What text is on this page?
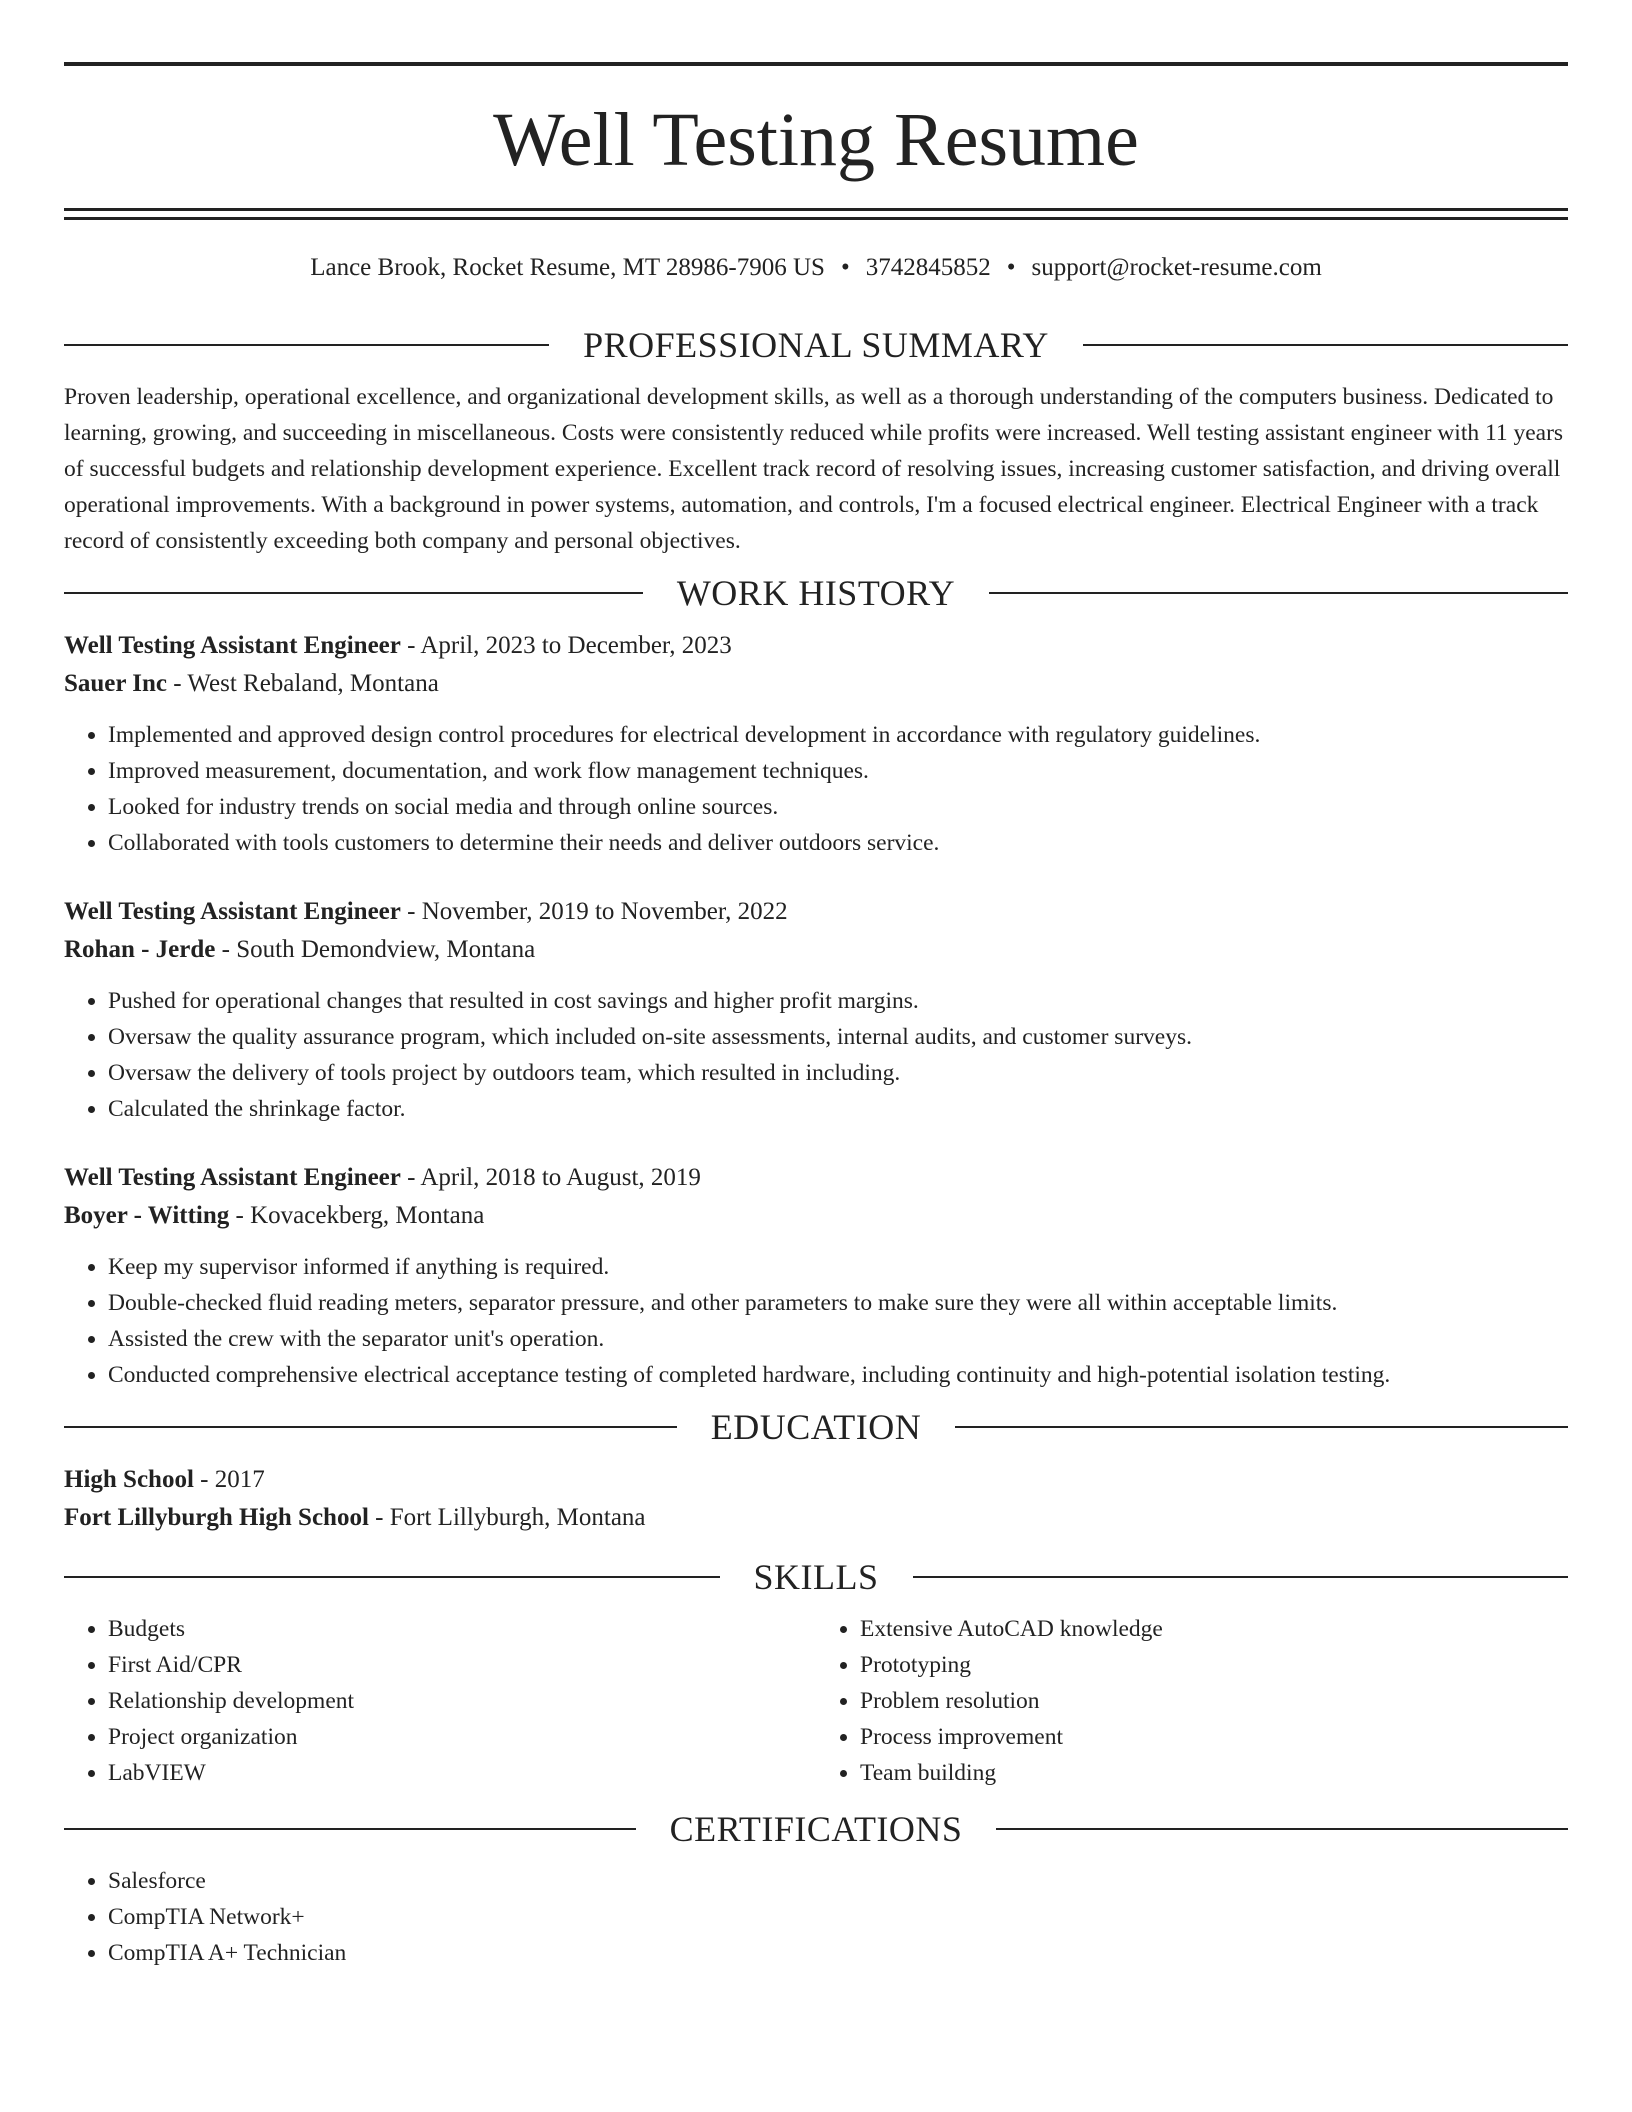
Well Testing Resume
Lance Brook, Rocket Resume, MT 28986-7906 US • 3742845852 • support@rocket-resume.com
PROFESSIONAL SUMMARY

Proven leadership, operational excellence, and organizational development skills, as well as a thorough understanding of the computers business. Dedicated to learning, growing, and succeeding in miscellaneous. Costs were consistently reduced while profits were increased. Well testing assistant engineer with 11 years of successful budgets and relationship development experience. Excellent track record of resolving issues, increasing customer satisfaction, and driving overall operational improvements. With a background in power systems, automation, and controls, I'm a focused electrical engineer. Electrical Engineer with a track record of consistently exceeding both company and personal objectives.

WORK HISTORY
Well Testing Assistant Engineer - April, 2023 to December, 2023
Sauer Inc - West Rebaland, Montana
• Implemented and approved design control procedures for electrical development in accordance with regulatory guidelines.
• Improved measurement, documentation, and work flow management techniques.
• Looked for industry trends on social media and through online sources.
• Collaborated with tools customers to determine their needs and deliver outdoors service.
Well Testing Assistant Engineer - November, 2019 to November, 2022
Rohan - Jerde - South Demondview, Montana
• Pushed for operational changes that resulted in cost savings and higher profit margins.
• Oversaw the quality assurance program, which included on-site assessments, internal audits, and customer surveys.
• Oversaw the delivery of tools project by outdoors team, which resulted in including.
• Calculated the shrinkage factor.
Well Testing Assistant Engineer - April, 2018 to August, 2019
Boyer - Witting - Kovacekberg, Montana
• Keep my supervisor informed if anything is required.
• Double-checked fluid reading meters, separator pressure, and other parameters to make sure they were all within acceptable limits.
• Assisted the crew with the separator unit's operation.
• Conducted comprehensive electrical acceptance testing of completed hardware, including continuity and high-potential isolation testing.
EDUCATION
High School - 2017
Fort Lillyburgh High School - Fort Lillyburgh, Montana
SKILLS
• Budgets
• First Aid/CPR
• Relationship development
• Project organization
• LabVIEW
• Extensive AutoCAD knowledge
• Prototyping
• Problem resolution
• Process improvement
• Team building
CERTIFICATIONS
• Salesforce
• CompTIA Network+
• CompTIA A+ Technician
